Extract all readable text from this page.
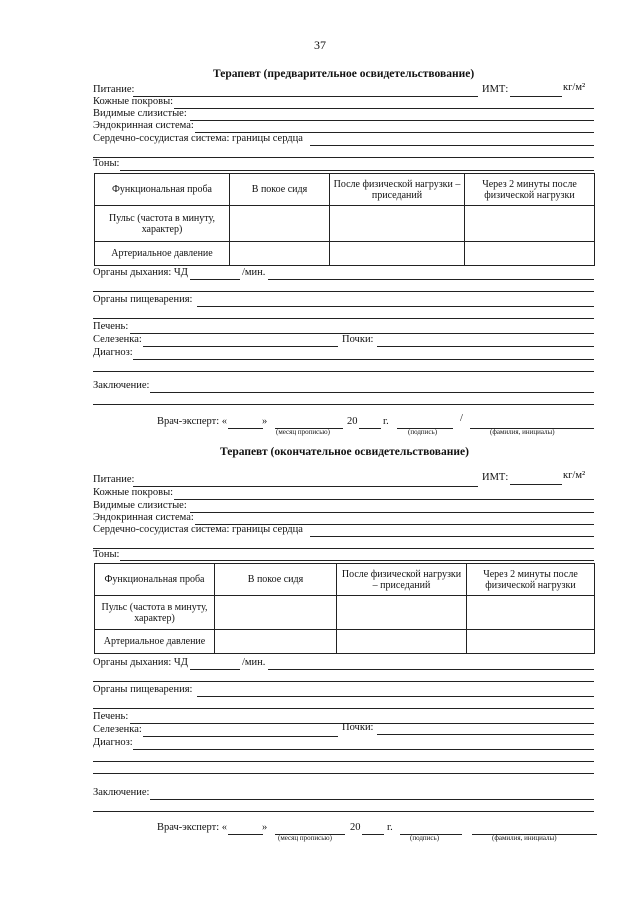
37
Терапевт (предварительное освидетельствование)
Питание:	ИМТ:	кг/м²
Кожные покровы:
Видимые слизистые:
Эндокринная система:
Сердечно-сосудистая система: границы сердца
Тоны:
Функциональная проба	В покое сидя	После физической нагрузки – приседаний	Через 2 минуты после физической нагрузки
Пульс (частота в минуту, характер)			
Артериальное давление			
Органы дыхания: ЧД	/мин.
Органы пищеварения:
Печень:
Селезенка:	Почки:
Диагноз:
Заключение:
Врач-эксперт: «	»	20 г.	/
(месяц прописью)	(подпись)	(фамилия, инициалы)
Терапевт (окончательное освидетельствование)
Питание:	ИМТ:	кг/м²
Кожные покровы:
Видимые слизистые:
Эндокринная система:
Сердечно-сосудистая система: границы сердца
Тоны:
Функциональная проба	В покое сидя	После физической нагрузки – приседаний	Через 2 минуты после физической нагрузки
Пульс (частота в минуту, характер)			
Артериальное давление			
Органы дыхания: ЧД	/мин.
Органы пищеварения:
Печень:
Селезенка:	Почки:
Диагноз:
Заключение:
Врач-эксперт: «	»	20	г.
(месяц прописью)	(подпись)	(фамилия, инициалы)
